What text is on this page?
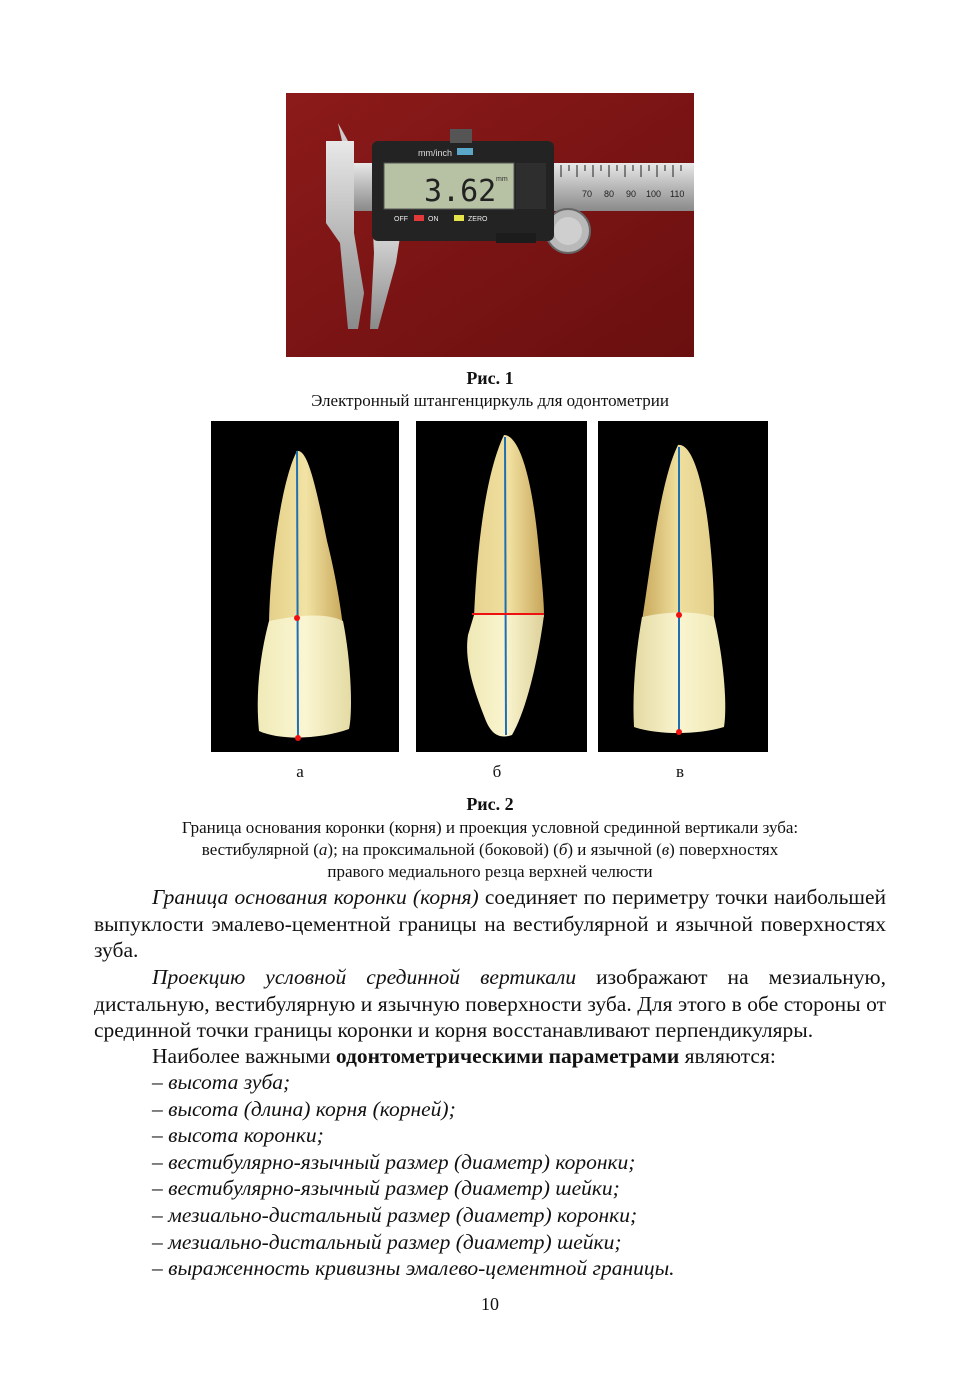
70 80 90 100 110
mm/inch
3.62 mm
OFF	ON	ZERO
Рис. 1
Электронный штангенциркуль для одонтометрии
а	б	в
Рис. 2
Граница основания коронки (корня) и проекция условной срединной вертикали зуба:
вестибулярной (а); на проксимальной (боковой) (б) и язычной (в) поверхностях
правого медиального резца верхней челюсти

Граница основания коронки (корня) соединяет по периметру точки наибольшей выпуклости эмалево-цементной границы на вестибулярной и язычной поверхностях зуба.

Проекцию условной срединной вертикали изображают на мезиальную, дистальную, вестибулярную и язычную поверхности зуба. Для этого в обе стороны от срединной точки границы коронки и корня восстанавливают перпендикуляры.

Наиболее важными одонтометрическими параметрами являются:

– высота зуба;
– высота (длина) корня (корней);
– высота коронки;
– вестибулярно-язычный размер (диаметр) коронки;
– вестибулярно-язычный размер (диаметр) шейки;
– мезиально-дистальный размер (диаметр) коронки;
– мезиально-дистальный размер (диаметр) шейки;
– выраженность кривизны эмалево-цементной границы.
10
